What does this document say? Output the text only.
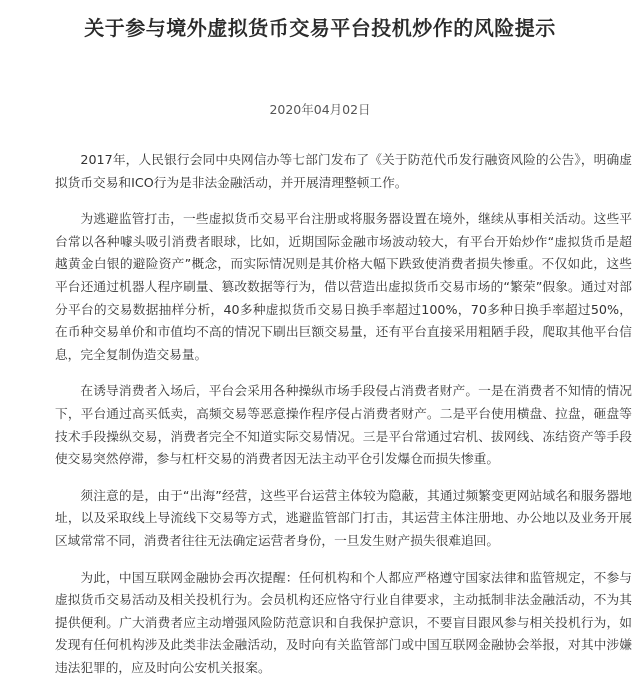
关于参与境外虚拟货币交易平台投机炒作的风险提示
2020年04月02日

2017年，人民银行会同中央网信办等七部门发布了《关于防范代币发行融资风险的公告》，明确虚拟货币交易和ICO行为是非法金融活动，并开展清理整顿工作。

为逃避监管打击，一些虚拟货币交易平台注册或将服务器设置在境外，继续从事相关活动。这些平台常以各种噱头吸引消费者眼球，比如，近期国际金融市场波动较大，有平台开始炒作“虚拟货币是超越黄金白银的避险资产”概念，而实际情况则是其价格大幅下跌致使消费者损失惨重。不仅如此，这些平台还通过机器人程序刷量、篡改数据等行为，借以营造出虚拟货币交易市场的“繁荣”假象。通过对部分平台的交易数据抽样分析，40多种虚拟货币交易日换手率超过100%，70多种日换手率超过50%，在币种交易单价和市值均不高的情况下刷出巨额交易量，还有平台直接采用粗陋手段，爬取其他平台信息，完全复制伪造交易量。

在诱导消费者入场后，平台会采用各种操纵市场手段侵占消费者财产。一是在消费者不知情的情况下，平台通过高买低卖，高频交易等恶意操作程序侵占消费者财产。二是平台使用横盘、拉盘，砸盘等技术手段操纵交易，消费者完全不知道实际交易情况。三是平台常通过宕机、拔网线、冻结资产等手段使交易突然停滞，参与杠杆交易的消费者因无法主动平仓引发爆仓而损失惨重。

须注意的是，由于“出海”经营，这些平台运营主体较为隐蔽，其通过频繁变更网站域名和服务器地址，以及采取线上导流线下交易等方式，逃避监管部门打击，其运营主体注册地、办公地以及业务开展区域常常不同，消费者往往无法确定运营者身份，一旦发生财产损失很难追回。

为此，中国互联网金融协会再次提醒：任何机构和个人都应严格遵守国家法律和监管规定，不参与虚拟货币交易活动及相关投机行为。会员机构还应恪守行业自律要求，主动抵制非法金融活动，不为其提供便利。广大消费者应主动增强风险防范意识和自我保护意识，不要盲目跟风参与相关投机行为，如发现有任何机构涉及此类非法金融活动，及时向有关监管部门或中国互联网金融协会举报，对其中涉嫌违法犯罪的，应及时向公安机关报案。
